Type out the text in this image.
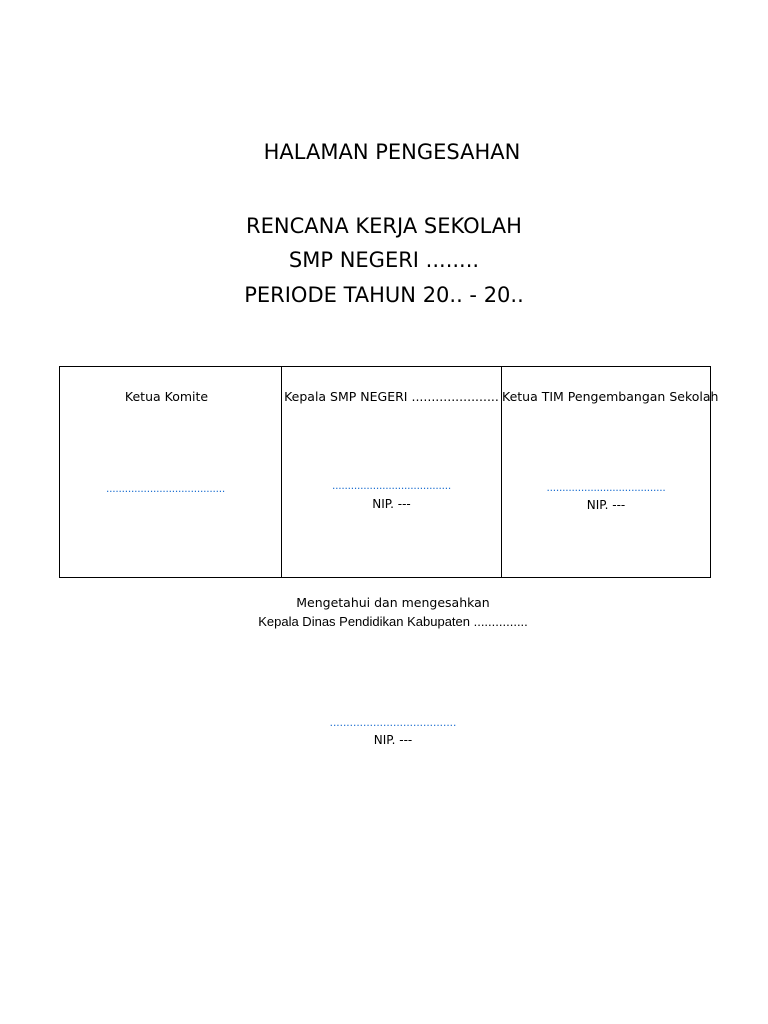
HALAMAN PENGESAHAN
RENCANA KERJA SEKOLAH
SMP NEGERI ........
PERIODE TAHUN 20.. - 20..
Ketua Komite
......................................

Kepala SMP NEGERI ......................
......................................
NIP. ---

Ketua TIM Pengembangan Sekolah
......................................
NIP. ---
Mengetahui dan mengesahkan
Kepala Dinas Pendidikan Kabupaten ...............
......................................
NIP. ---
